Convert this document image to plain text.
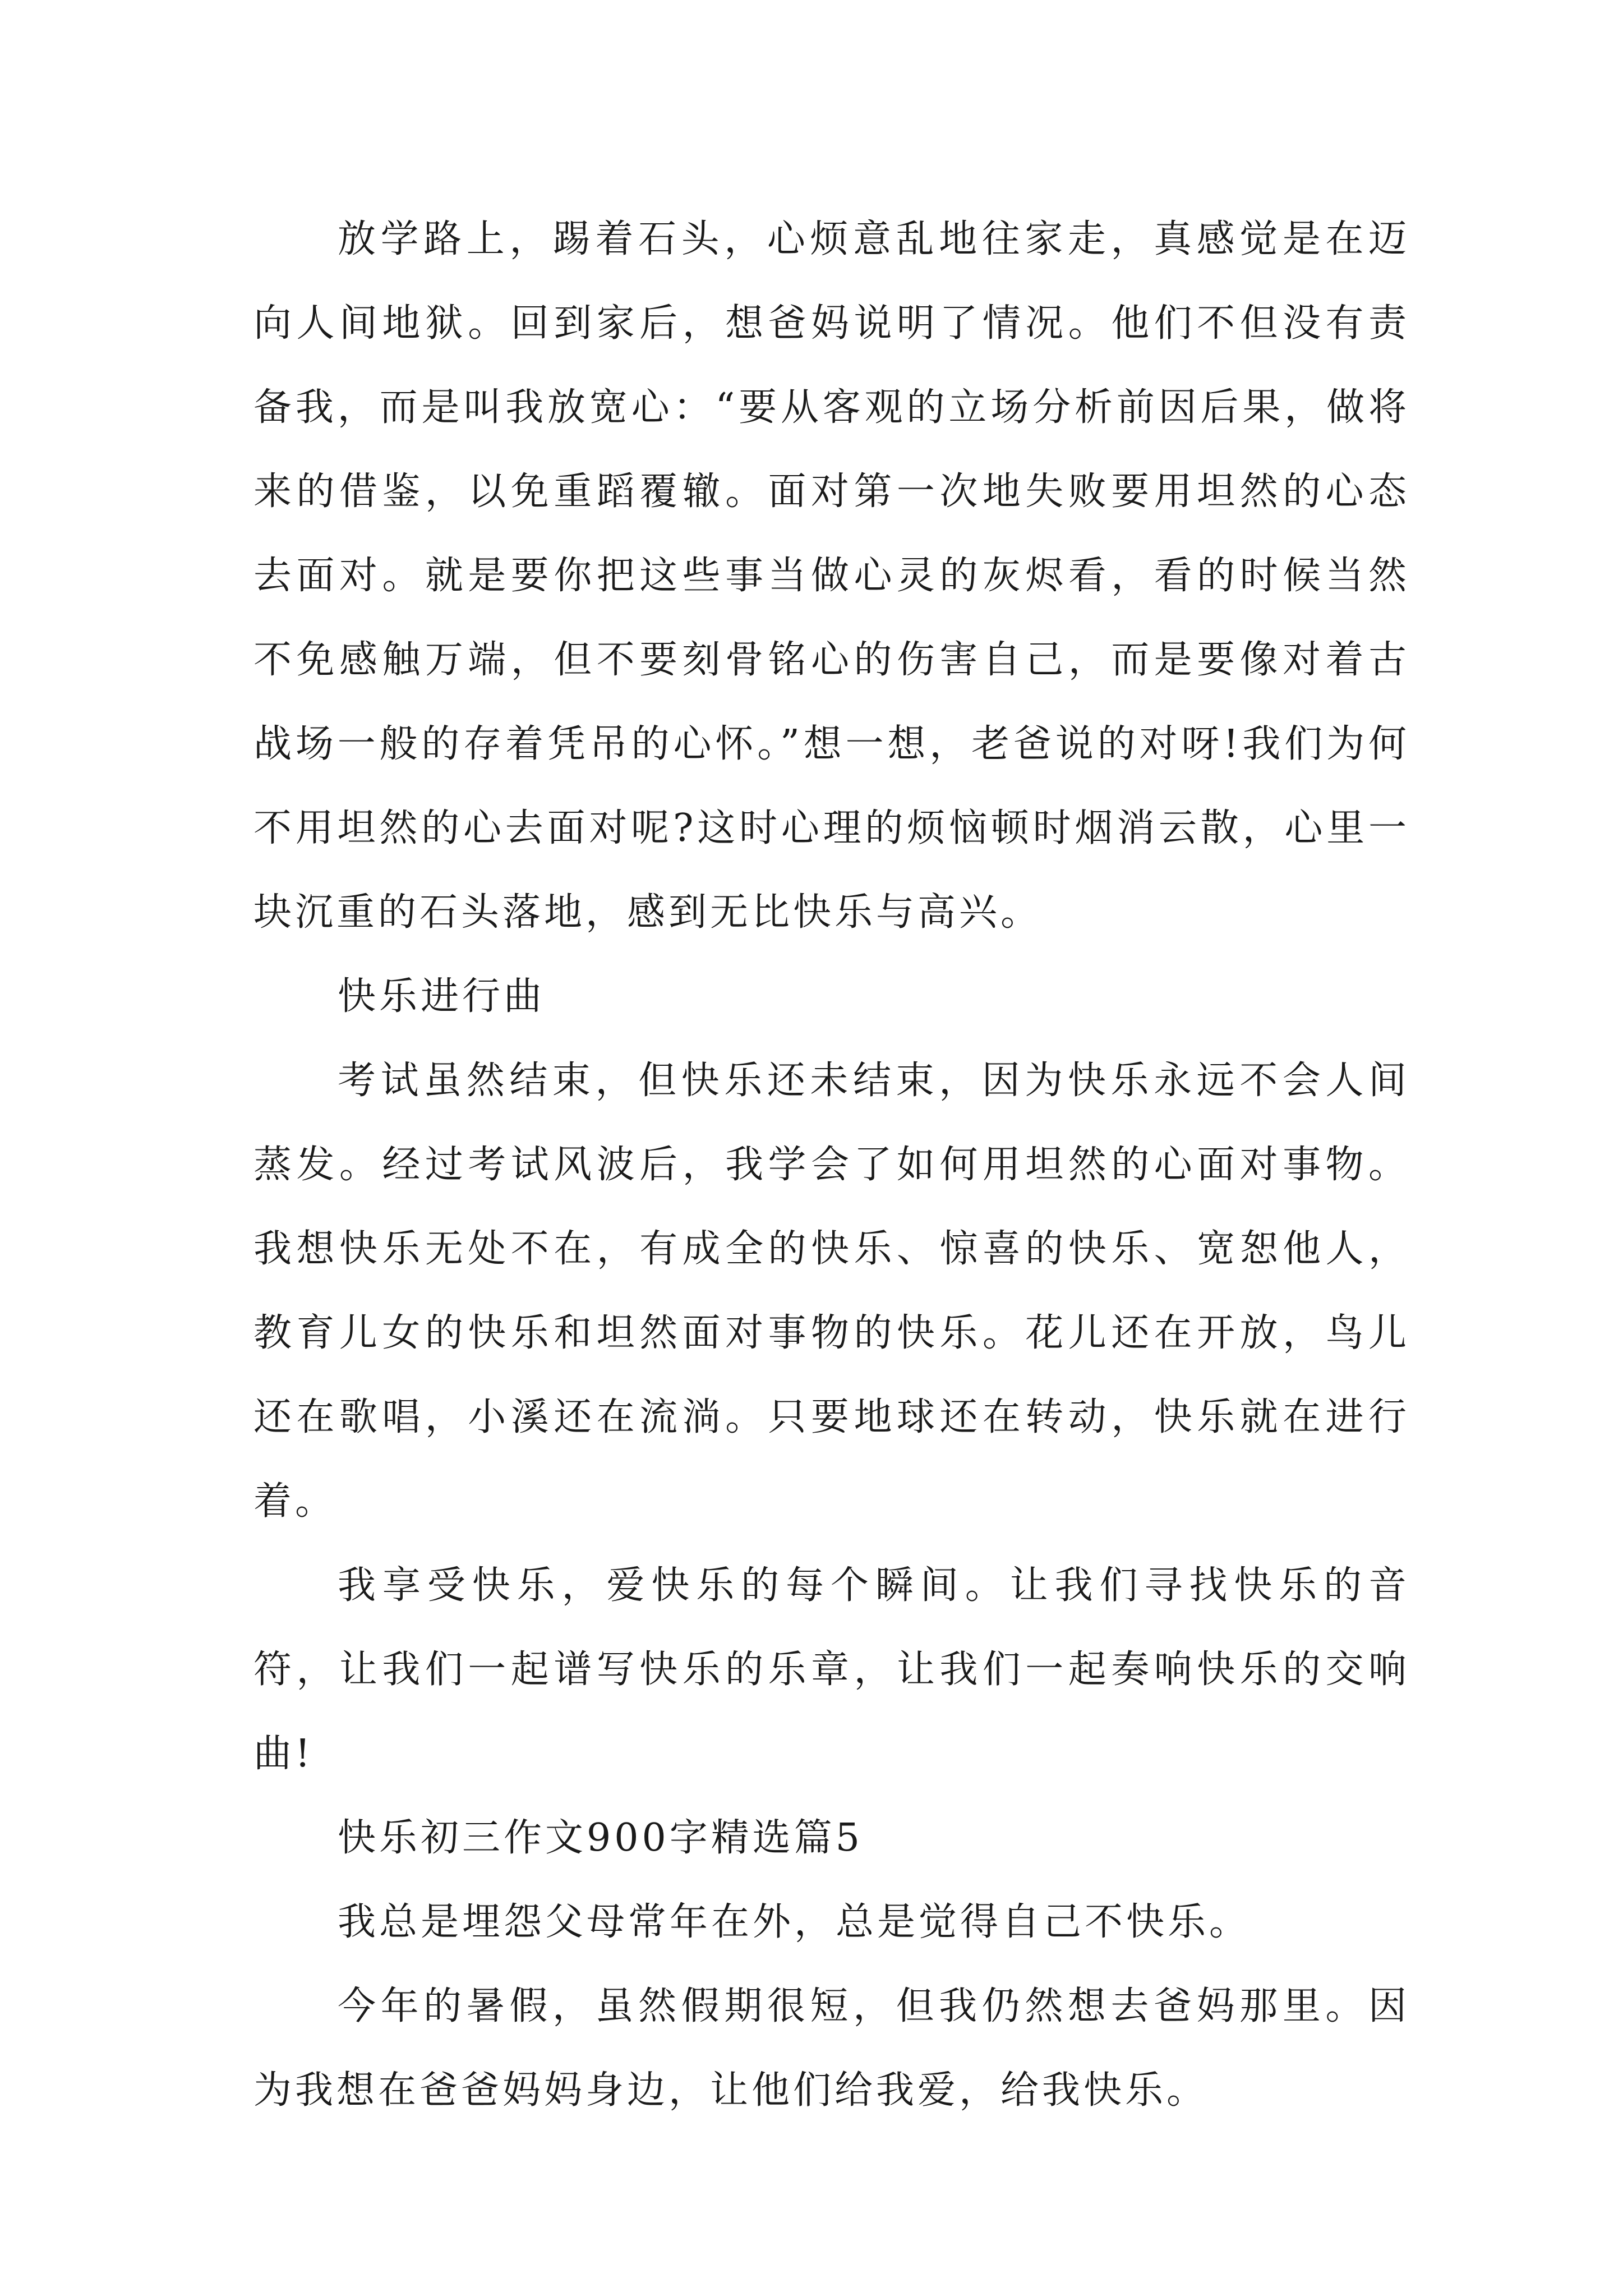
放学路上，踢着石头，心烦意乱地往家走，真感觉是在迈向人间地狱。回到家后，想爸妈说明了情况。他们不但没有责备我，而是叫我放宽心：“要从客观的立场分析前因后果，做将来的借鉴，以免重蹈覆辙。面对第一次地失败要用坦然的心态去面对。就是要你把这些事当做心灵的灰烬看，看的时候当然不免感触万端，但不要刻骨铭心的伤害自己，而是要像对着古战场一般的存着凭吊的心怀。”想一想，老爸说的对呀!我们为何不用坦然的心去面对呢?这时心理的烦恼顿时烟消云散，心里一块沉重的石头落地，感到无比快乐与高兴。

快乐进行曲

考试虽然结束，但快乐还未结束，因为快乐永远不会人间蒸发。经过考试风波后，我学会了如何用坦然的心面对事物。我想快乐无处不在，有成全的快乐、惊喜的快乐、宽恕他人，教育儿女的快乐和坦然面对事物的快乐。花儿还在开放，鸟儿还在歌唱，小溪还在流淌。只要地球还在转动，快乐就在进行着。

我享受快乐，爱快乐的每个瞬间。让我们寻找快乐的音符，让我们一起谱写快乐的乐章，让我们一起奏响快乐的交响曲!

快乐初三作文900字精选篇5

我总是埋怨父母常年在外，总是觉得自己不快乐。

今年的暑假，虽然假期很短，但我仍然想去爸妈那里。因为我想在爸爸妈妈身边，让他们给我爱，给我快乐。
